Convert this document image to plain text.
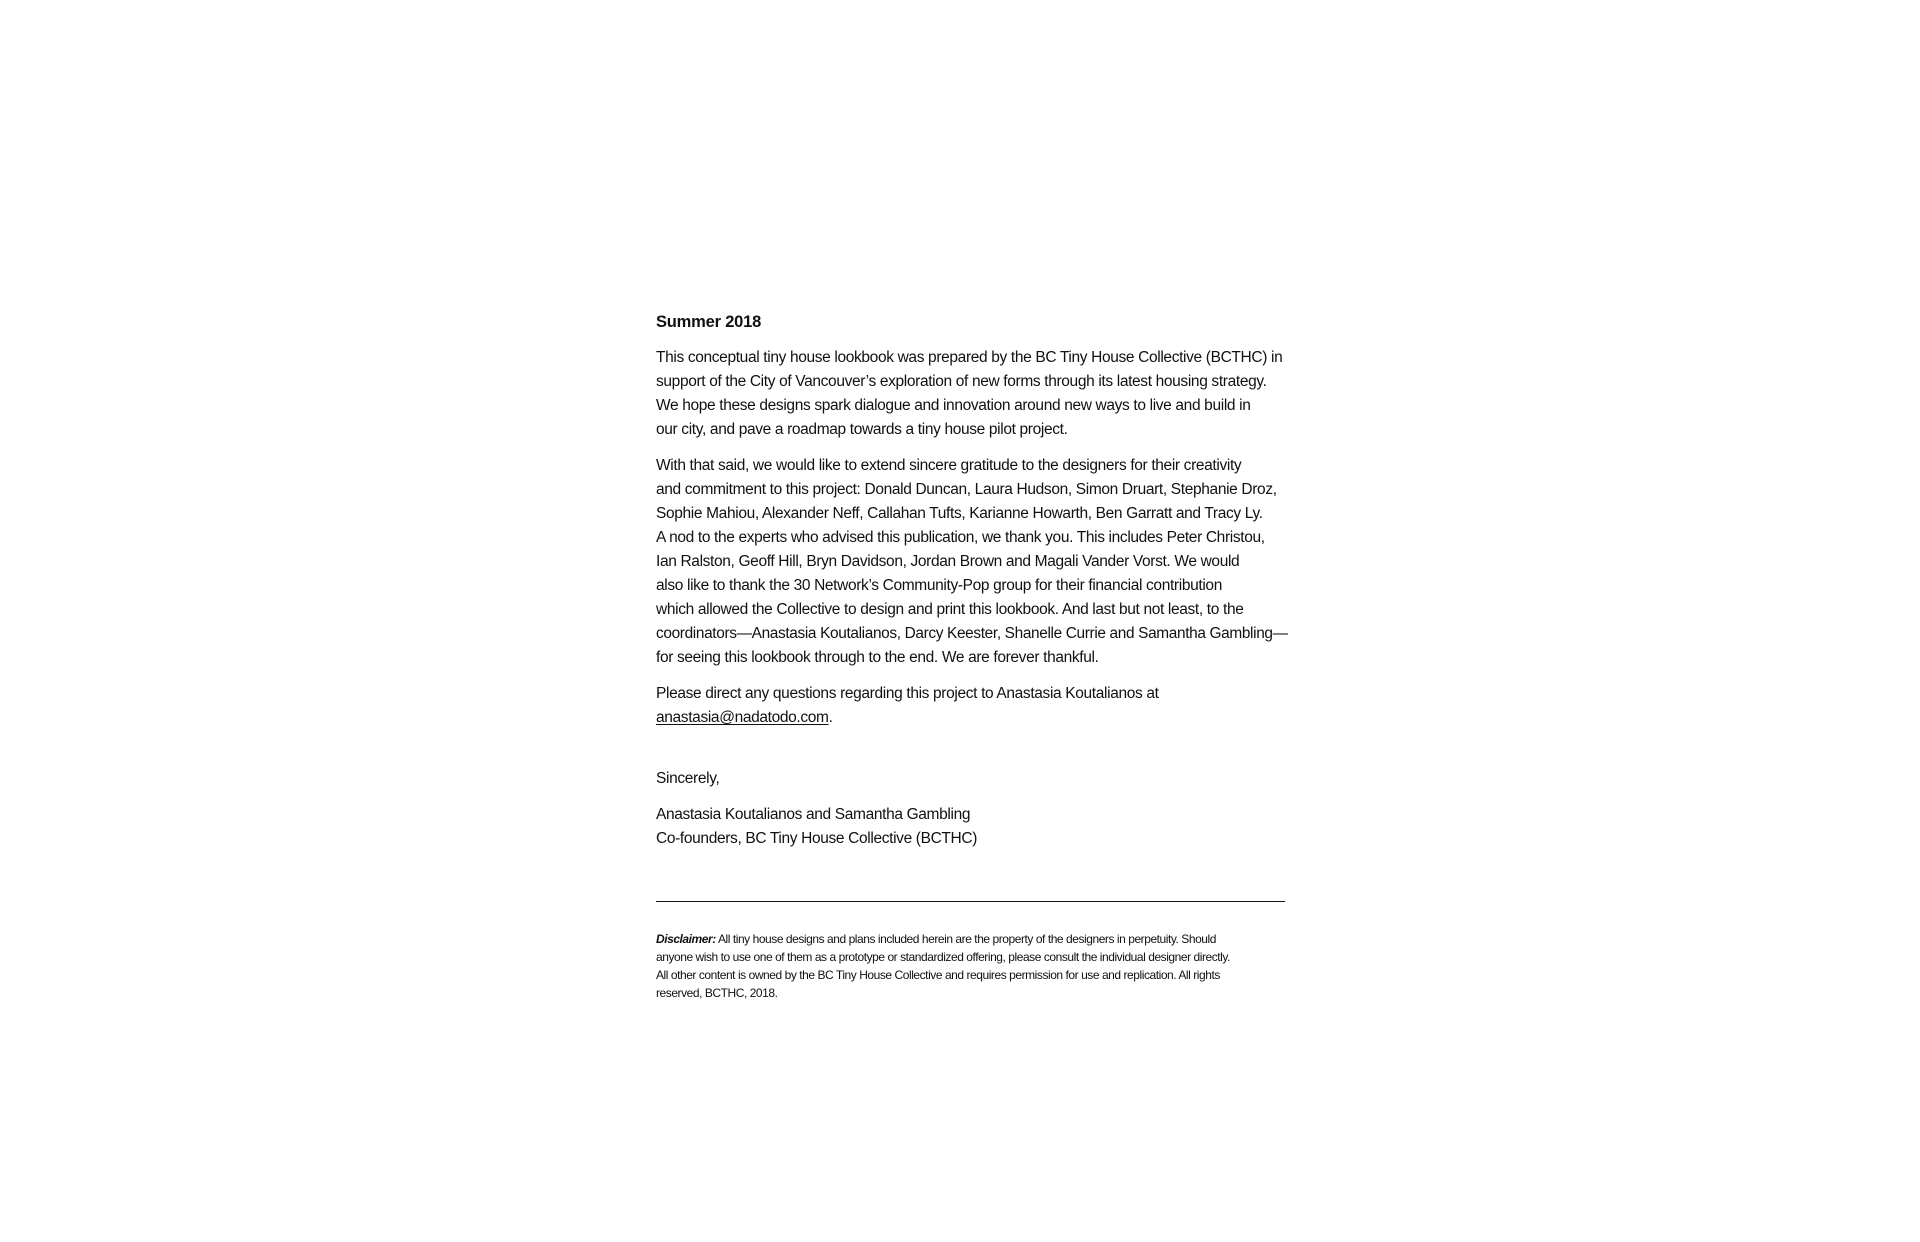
Summer 2018
This conceptual tiny house lookbook was prepared by the BC Tiny House Collective (BCTHC) in
support of the City of Vancouver’s exploration of new forms through its latest housing strategy.
We hope these designs spark dialogue and innovation around new ways to live and build in
our city, and pave a roadmap towards a tiny house pilot project.
With that said, we would like to extend sincere gratitude to the designers for their creativity
and commitment to this project: Donald Duncan, Laura Hudson, Simon Druart, Stephanie Droz,
Sophie Mahiou, Alexander Neff, Callahan Tufts, Karianne Howarth, Ben Garratt and Tracy Ly.
A nod to the experts who advised this publication, we thank you. This includes Peter Christou,
Ian Ralston, Geoff Hill, Bryn Davidson, Jordan Brown and Magali Vander Vorst. We would
also like to thank the 30 Network’s Community-Pop group for their financial contribution
which allowed the Collective to design and print this lookbook. And last but not least, to the
coordinators—Anastasia Koutalianos, Darcy Keester, Shanelle Currie and Samantha Gambling—
for seeing this lookbook through to the end. We are forever thankful.
Please direct any questions regarding this project to Anastasia Koutalianos at
anastasia@nadatodo.com.
Sincerely,
Anastasia Koutalianos and Samantha Gambling
Co-founders, BC Tiny House Collective (BCTHC)
Disclaimer: All tiny house designs and plans included herein are the property of the designers in perpetuity. Should
anyone wish to use one of them as a prototype or standardized offering, please consult the individual designer directly.
All other content is owned by the BC Tiny House Collective and requires permission for use and replication. All rights
reserved, BCTHC, 2018.
